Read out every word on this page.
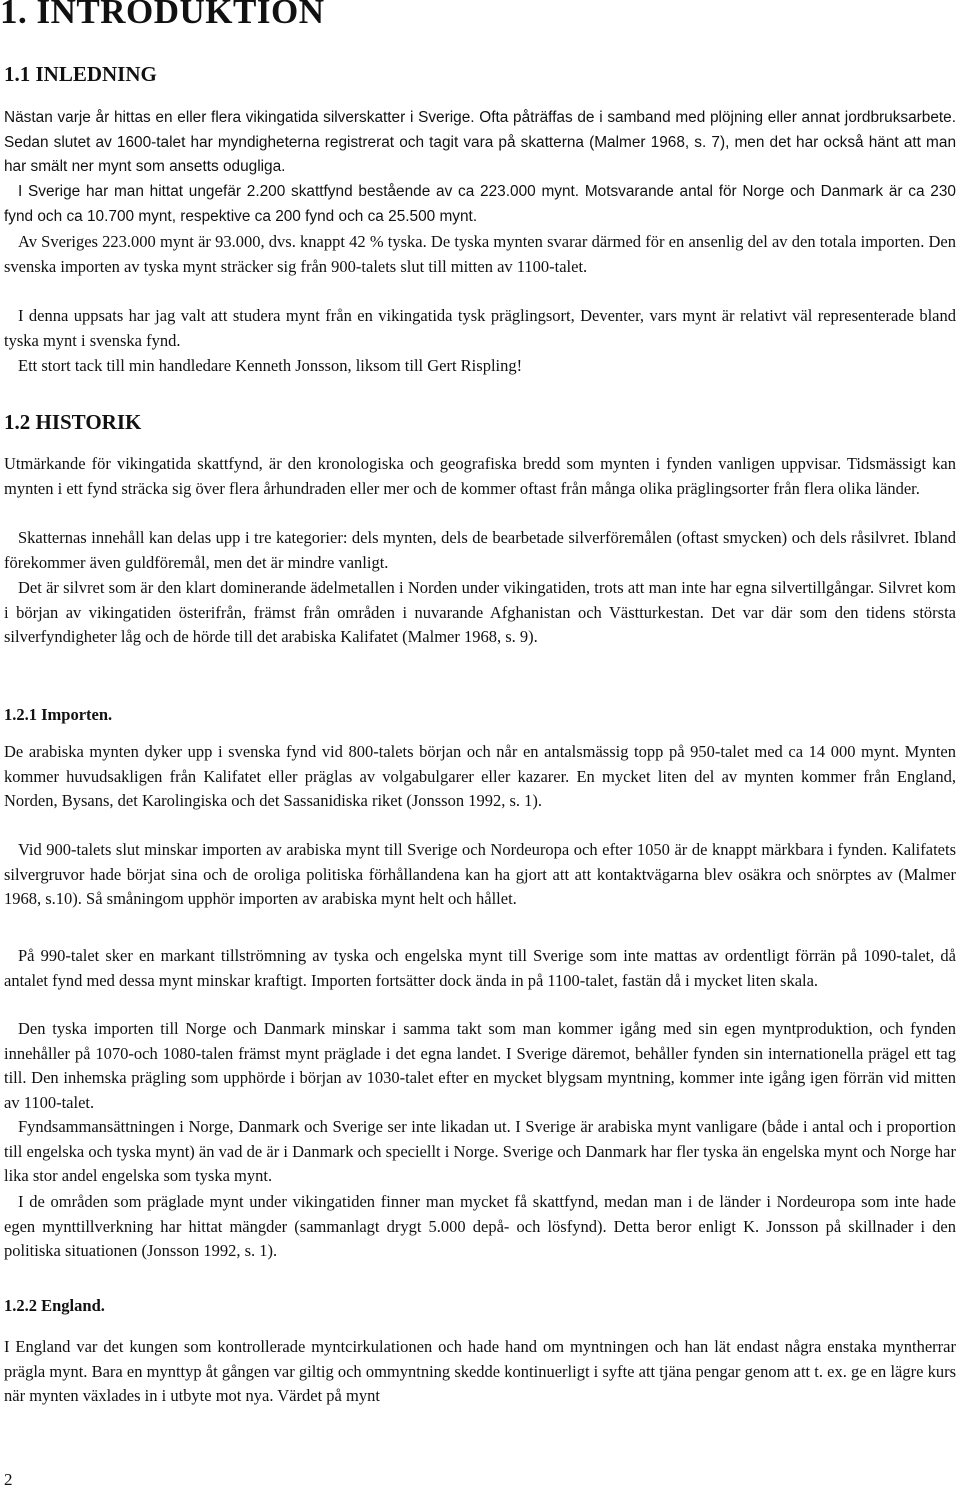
1. INTRODUKTION
1.1 INLEDNING
Nästan varje år hittas en eller flera vikingatida silverskatter i Sverige. Ofta påträffas de i samband med plöjning eller annat jordbruksarbete. Sedan slutet av 1600-talet har myndigheterna registrerat och tagit vara på skatterna (Malmer 1968, s. 7), men det har också hänt att man har smält ner mynt som ansetts odugliga.
I Sverige har man hittat ungefär 2.200 skattfynd bestående av ca 223.000 mynt. Motsvarande antal för Norge och Danmark är ca 230 fynd och ca 10.700 mynt, respektive ca 200 fynd och ca 25.500 mynt.
Av Sveriges 223.000 mynt är 93.000, dvs. knappt 42 % tyska. De tyska mynten svarar därmed för en ansenlig del av den totala importen. Den svenska importen av tyska mynt sträcker sig från 900-talets slut till mitten av 1100-talet.
I denna uppsats har jag valt att studera mynt från en vikingatida tysk präglingsort, Deventer, vars mynt är relativt väl representerade bland tyska mynt i svenska fynd.
Ett stort tack till min handledare Kenneth Jonsson, liksom till Gert Rispling!
1.2 HISTORIK
Utmärkande för vikingatida skattfynd, är den kronologiska och geografiska bredd som mynten i fynden vanligen uppvisar. Tidsmässigt kan mynten i ett fynd sträcka sig över flera århundraden eller mer och de kommer oftast från många olika präglingsorter från flera olika länder.
Skatternas innehåll kan delas upp i tre kategorier: dels mynten, dels de bearbetade silverföremålen (oftast smycken) och dels råsilvret. Ibland förekommer även guldföremål, men det är mindre vanligt.
Det är silvret som är den klart dominerande ädelmetallen i Norden under vikingatiden, trots att man inte har egna silvertillgångar. Silvret kom i början av vikingatiden österifrån, främst från områden i nuvarande Afghanistan och Västturkestan. Det var där som den tidens största silverfyndigheter låg och de hörde till det arabiska Kalifatet (Malmer 1968, s. 9).
1.2.1 Importen.
De arabiska mynten dyker upp i svenska fynd vid 800-talets början och når en antalsmässig topp på 950-talet med ca 14 000 mynt. Mynten kommer huvudsakligen från Kalifatet eller präglas av volgabulgarer eller kazarer. En mycket liten del av mynten kommer från England, Norden, Bysans, det Karolingiska och det Sassanidiska riket (Jonsson 1992, s. 1).
Vid 900-talets slut minskar importen av arabiska mynt till Sverige och Nordeuropa och efter 1050 är de knappt märkbara i fynden. Kalifatets silvergruvor hade börjat sina och de oroliga politiska förhållandena kan ha gjort att att kontaktvägarna blev osäkra och snörptes av (Malmer 1968, s.10). Så småningom upphör importen av arabiska mynt helt och hållet.
På 990-talet sker en markant tillströmning av tyska och engelska mynt till Sverige som inte mattas av ordentligt förrän på 1090-talet, då antalet fynd med dessa mynt minskar kraftigt. Importen fortsätter dock ända in på 1100-talet, fastän då i mycket liten skala.
Den tyska importen till Norge och Danmark minskar i samma takt som man kommer igång med sin egen myntproduktion, och fynden innehåller på 1070-och 1080-talen främst mynt präglade i det egna landet. I Sverige däremot, behåller fynden sin internationella prägel ett tag till. Den inhemska prägling som upphörde i början av 1030-talet efter en mycket blygsam myntning, kommer inte igång igen förrän vid mitten av 1100-talet.
Fyndsammansättningen i Norge, Danmark och Sverige ser inte likadan ut. I Sverige är arabiska mynt vanligare (både i antal och i proportion till engelska och tyska mynt) än vad de är i Danmark och speciellt i Norge. Sverige och Danmark har fler tyska än engelska mynt och Norge har lika stor andel engelska som tyska mynt.
I de områden som präglade mynt under vikingatiden finner man mycket få skattfynd, medan man i de länder i Nordeuropa som inte hade egen mynttillverkning har hittat mängder (sammanlagt drygt 5.000 depå- och lösfynd). Detta beror enligt K. Jonsson på skillnader i den politiska situationen (Jonsson 1992, s. 1).
1.2.2 England.
I England var det kungen som kontrollerade myntcirkulationen och hade hand om myntningen och han lät endast några enstaka myntherrar prägla mynt. Bara en mynttyp åt gången var giltig och ommyntning skedde kontinuerligt i syfte att tjäna pengar genom att t. ex. ge en lägre kurs när mynten växlades in i utbyte mot nya. Värdet på mynt
2
